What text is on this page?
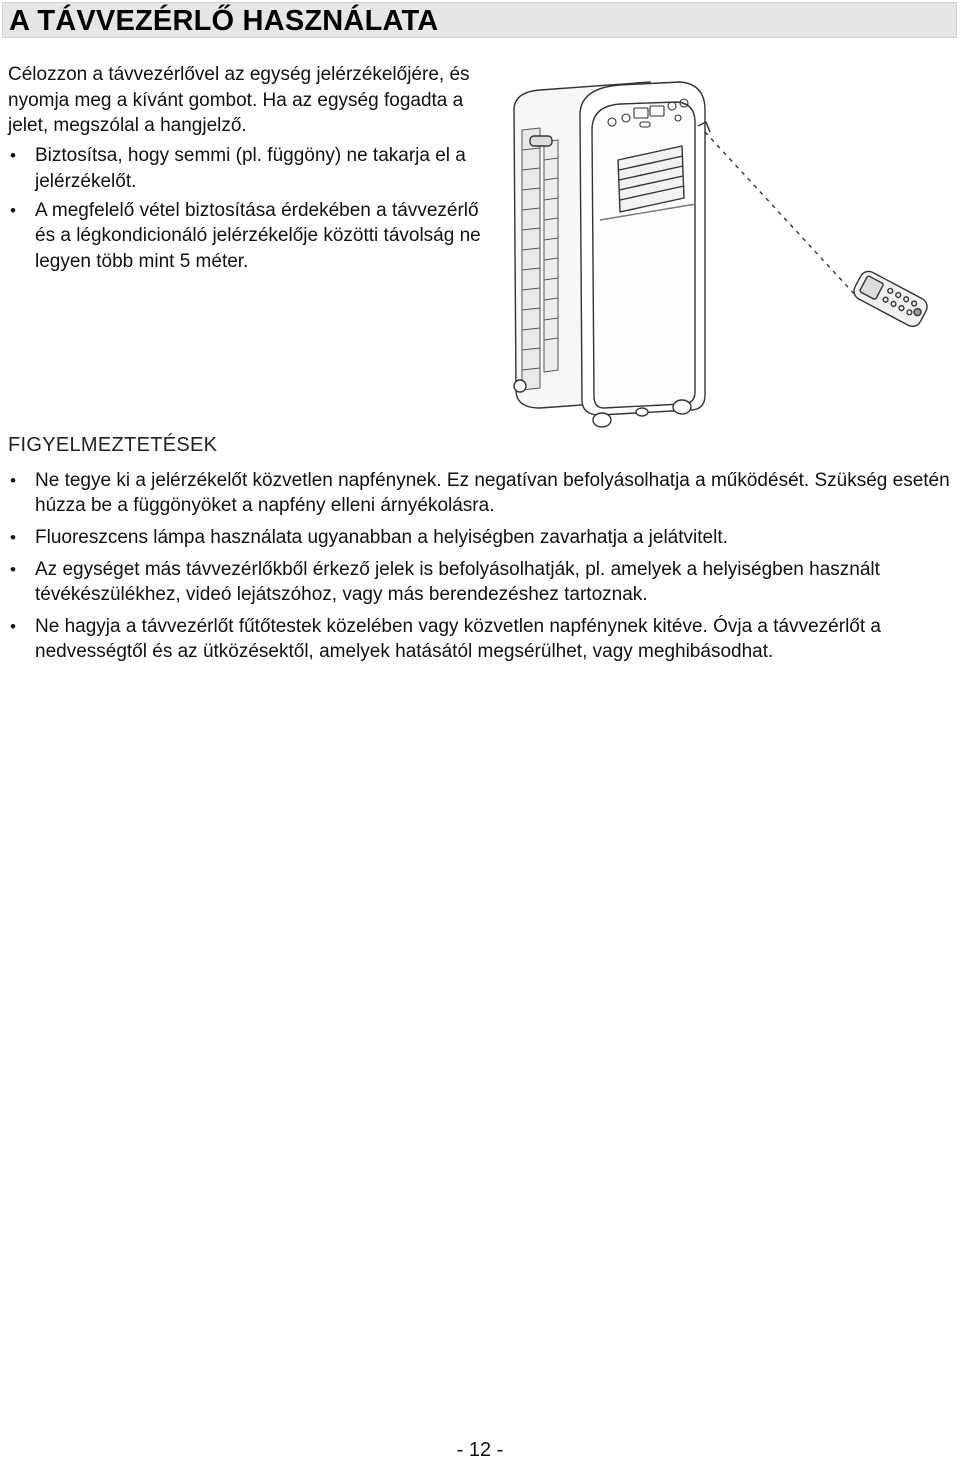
A TÁVVEZÉRLŐ HASZNÁLATA

Célozzon a távvezérlővel az egység jelérzékelőjére, és nyomja meg a kívánt gombot. Ha az egység fogadta a jelet, megszólal a hangjelző.

• Biztosítsa, hogy semmi (pl. függöny) ne takarja el a jelérzékelőt.
• A megfelelő vétel biztosítása érdekében a távvezérlő és a légkondicionáló jelérzékelője közötti távolság ne legyen több mint 5 méter.
FIGYELMEZTETÉSEK
• Ne tegye ki a jelérzékelőt közvetlen napfénynek. Ez negatívan befolyásolhatja a működését. Szükség esetén húzza be a függönyöket a napfény elleni árnyékolásra.
• Fluoreszcens lámpa használata ugyanabban a helyiségben zavarhatja a jelátvitelt.
• Az egységet más távvezérlőkből érkező jelek is befolyásolhatják, pl. amelyek a helyiségben használt tévékészülékhez, videó lejátszóhoz, vagy más berendezéshez tartoznak.
• Ne hagyja a távvezérlőt fűtőtestek közelében vagy közvetlen napfénynek kitéve. Óvja a távvezérlőt a nedvességtől és az ütközésektől, amelyek hatásától megsérülhet, vagy meghibásodhat.
- 12 -
